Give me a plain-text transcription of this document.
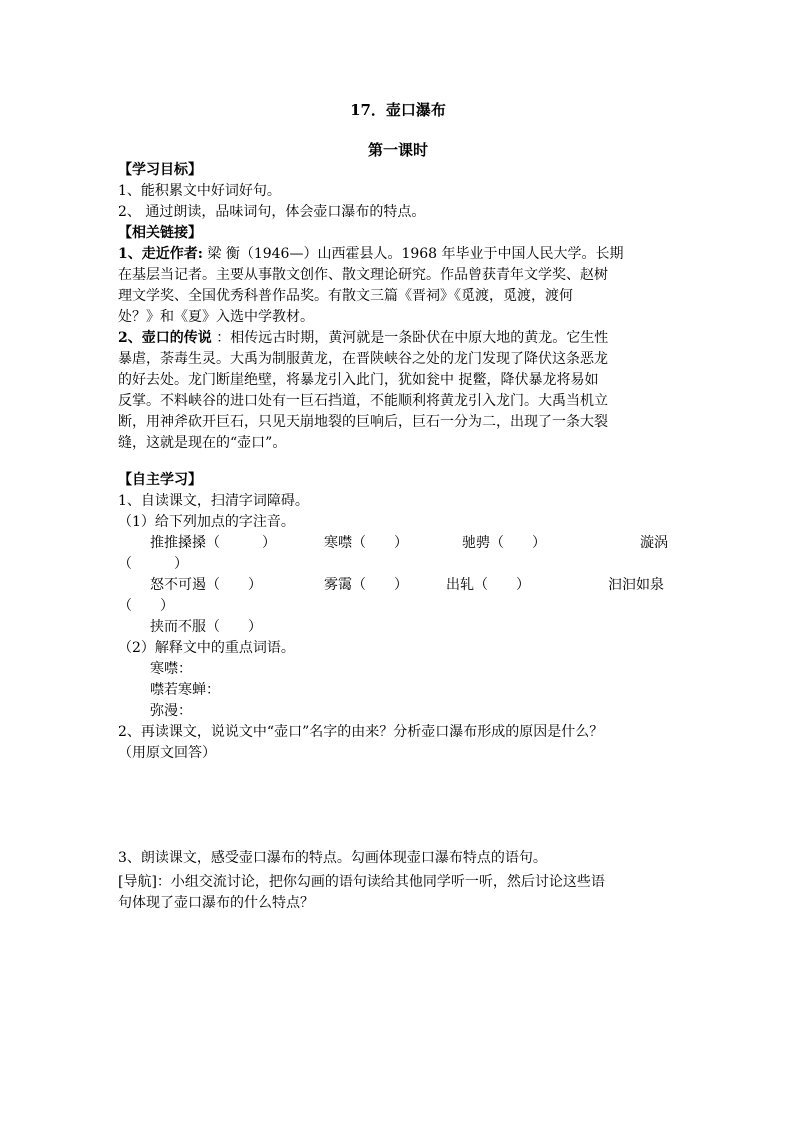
17．壶口瀑布
第一课时
【学习目标】
1、能积累文中好词好句。
2、 通过朗读，品味词句，体会壶口瀑布的特点。
【相关链接】
1、走近作者: 梁 衡（1946—）山西霍县人。1968 年毕业于中国人民大学。长期
在基层当记者。主要从事散文创作、散文理论研究。作品曾获青年文学奖、赵树
理文学奖、全国优秀科普作品奖。有散文三篇《晋祠》《觅渡，觅渡，渡何
处？》和《夏》入选中学教材。
2、壶口的传说 ：相传远古时期，黄河就是一条卧伏在中原大地的黄龙。它生性
暴虐，荼毒生灵。大禹为制服黄龙，在晋陕峡谷之处的龙门发现了降伏这条恶龙
的好去处。龙门断崖绝壁，将暴龙引入此门，犹如瓮中 捉鳖，降伏暴龙将易如
反掌。不料峡谷的进口处有一巨石挡道，不能顺利将黄龙引入龙门。大禹当机立
断，用神斧砍开巨石，只见天崩地裂的巨响后，巨石一分为二，出现了一条大裂
缝，这就是现在的“壶口”。
【自主学习】
1、自读课文，扫清字词障碍。
（1）给下列加点的字注音。
推推搡搡（　　　）	寒噤（　　）	驰骋（　　）	漩涡
（　　　）
怒不可遏（　　）	雾霭（　　）	出轧（　　）	汩汩如泉
（　　）
挟而不服（　　）
（2）解释文中的重点词语。
寒噤：
噤若寒蝉：
弥漫：
2、再读课文，说说文中“壶口”名字的由来？分析壶口瀑布形成的原因是什么？
（用原文回答）
3、朗读课文，感受壶口瀑布的特点。勾画体现壶口瀑布特点的语句。
[导航]：小组交流讨论，把你勾画的语句读给其他同学听一听，然后讨论这些语
句体现了壶口瀑布的什么特点？
